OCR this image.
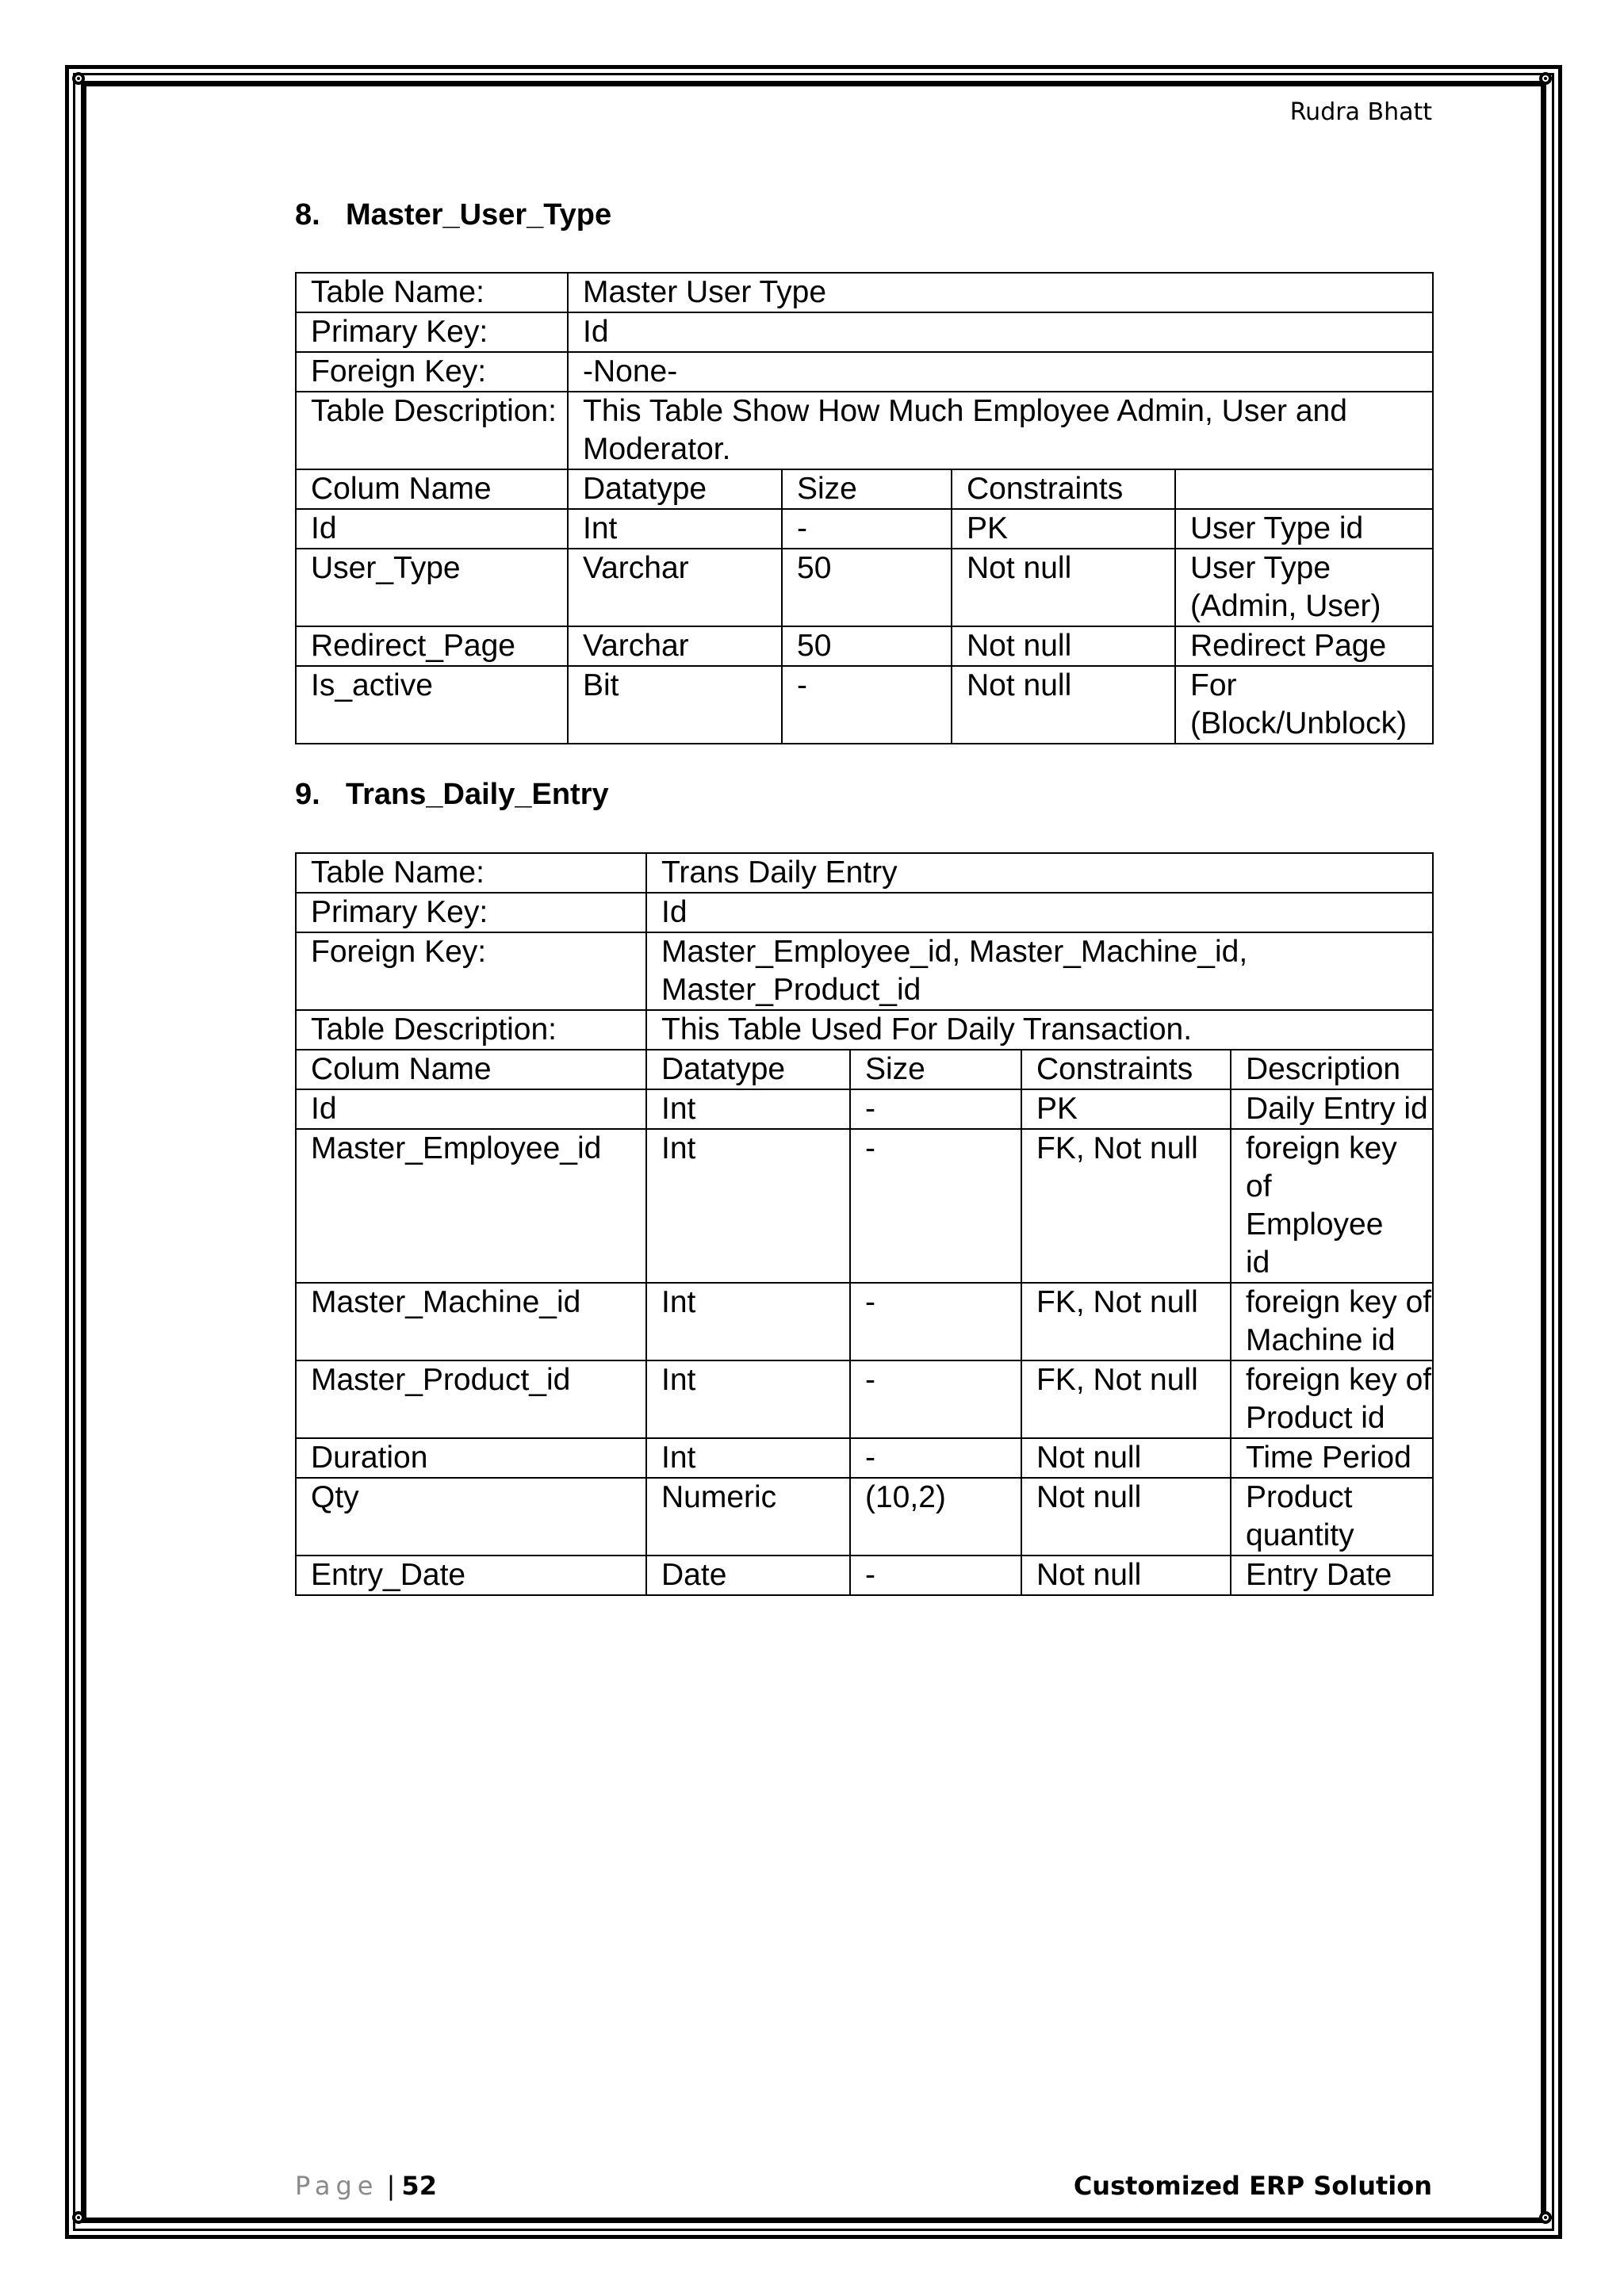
Rudra Bhatt
8. Master_User_Type
Table Name:	Master User Type			
Primary Key:	Id			
Foreign Key:	-None-			
Table Description:	This Table Show How Much Employee Admin, User and Moderator.			
Colum Name	Datatype	Size	Constraints	
Id	Int	-	PK	User Type id
User_Type	Varchar	50	Not null	User Type (Admin, User)
Redirect_Page	Varchar	50	Not null	Redirect Page
Is_active	Bit	-	Not null	For (Block/Unblock)
9. Trans_Daily_Entry
Table Name:	Trans Daily Entry			
Primary Key:	Id			
Foreign Key:	Master_Employee_id, Master_Machine_id, Master_Product_id			
Table Description:	This Table Used For Daily Transaction.			
Colum Name	Datatype	Size	Constraints	Description
Id	Int	-	PK	Daily Entry id
Master_Employee_id	Int	-	FK, Not null	foreign key of Employee id
Master_Machine_id	Int	-	FK, Not null	foreign key of Machine id
Master_Product_id	Int	-	FK, Not null	foreign key of Product id
Duration	Int	-	Not null	Time Period
Qty	Numeric	(10,2)	Not null	Product quantity
Entry_Date	Date	-	Not null	Entry Date
Page | 52	Customized ERP Solution
